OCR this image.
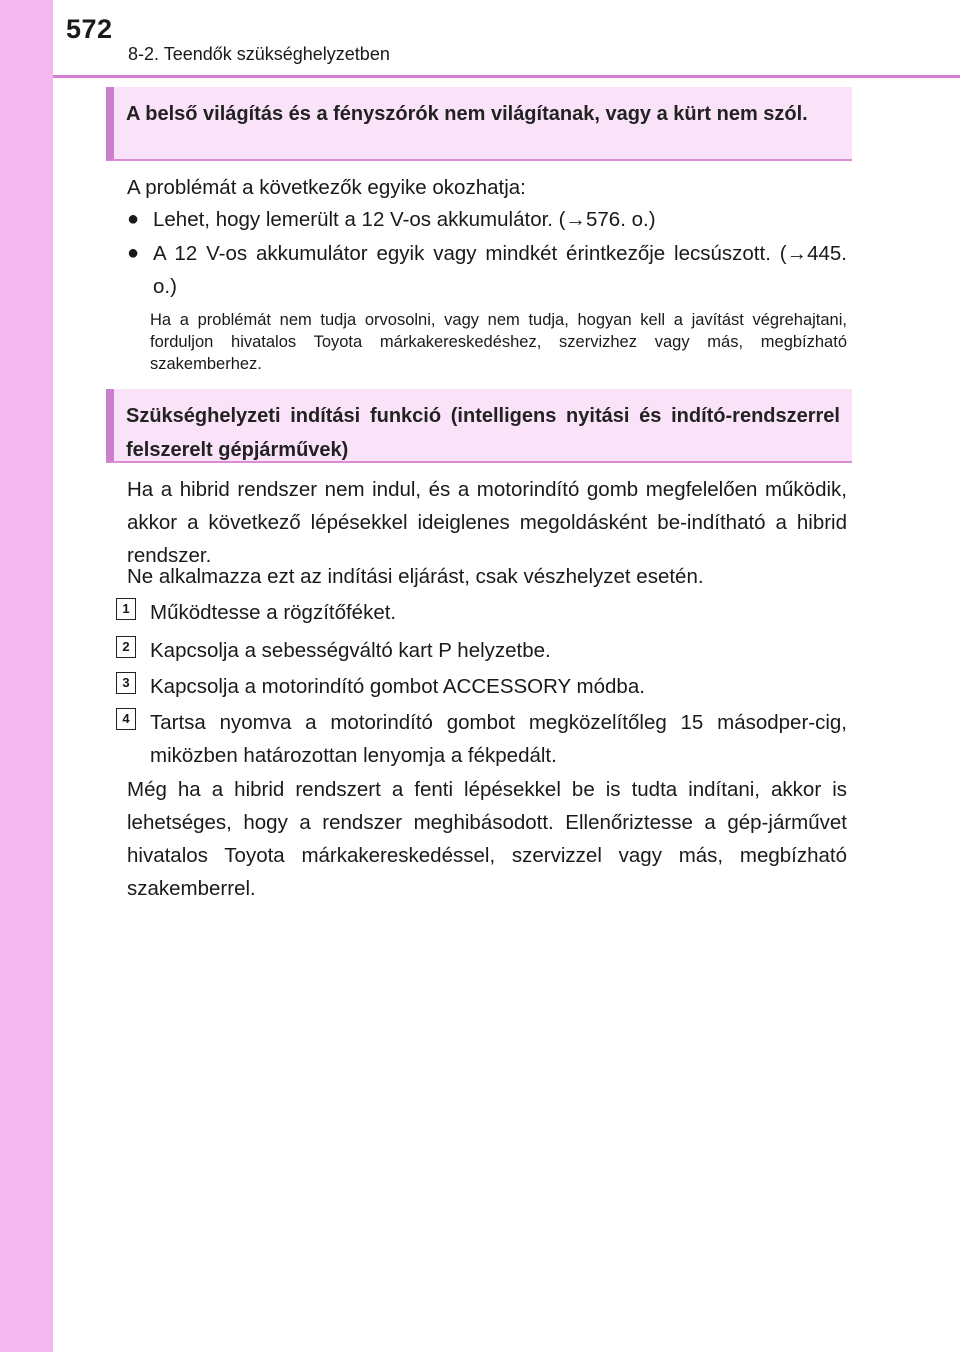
572
8-2. Teendők szükséghelyzetben
A belső világítás és a fényszórók nem világítanak, vagy a kürt nem szól.
A problémát a következők egyike okozhatja:
● Lehet, hogy lemerült a 12 V-os akkumulátor. (→576. o.)
● A 12 V-os akkumulátor egyik vagy mindkét érintkezője lecsúszott. (→445. o.)
Ha a problémát nem tudja orvosolni, vagy nem tudja, hogyan kell a javítást végrehajtani, forduljon hivatalos Toyota márkakereskedéshez, szervizhez vagy más, megbízható szakemberhez.
Szükséghelyzeti indítási funkció (intelligens nyitási és indító-rendszerrel felszerelt gépjárművek)
Ha a hibrid rendszer nem indul, és a motorindító gomb megfelelően működik, akkor a következő lépésekkel ideiglenes megoldásként be-indítható a hibrid rendszer.
Ne alkalmazza ezt az indítási eljárást, csak vészhelyzet esetén.
1 Működtesse a rögzítőféket.
2 Kapcsolja a sebességváltó kart P helyzetbe.
3 Kapcsolja a motorindító gombot ACCESSORY módba.
4 Tartsa nyomva a motorindító gombot megközelítőleg 15 másodper-cig, miközben határozottan lenyomja a fékpedált.
Még ha a hibrid rendszert a fenti lépésekkel be is tudta indítani, akkor is lehetséges, hogy a rendszer meghibásodott. Ellenőriztesse a gép-járművet hivatalos Toyota márkakereskedéssel, szervizzel vagy más, megbízható szakemberrel.
